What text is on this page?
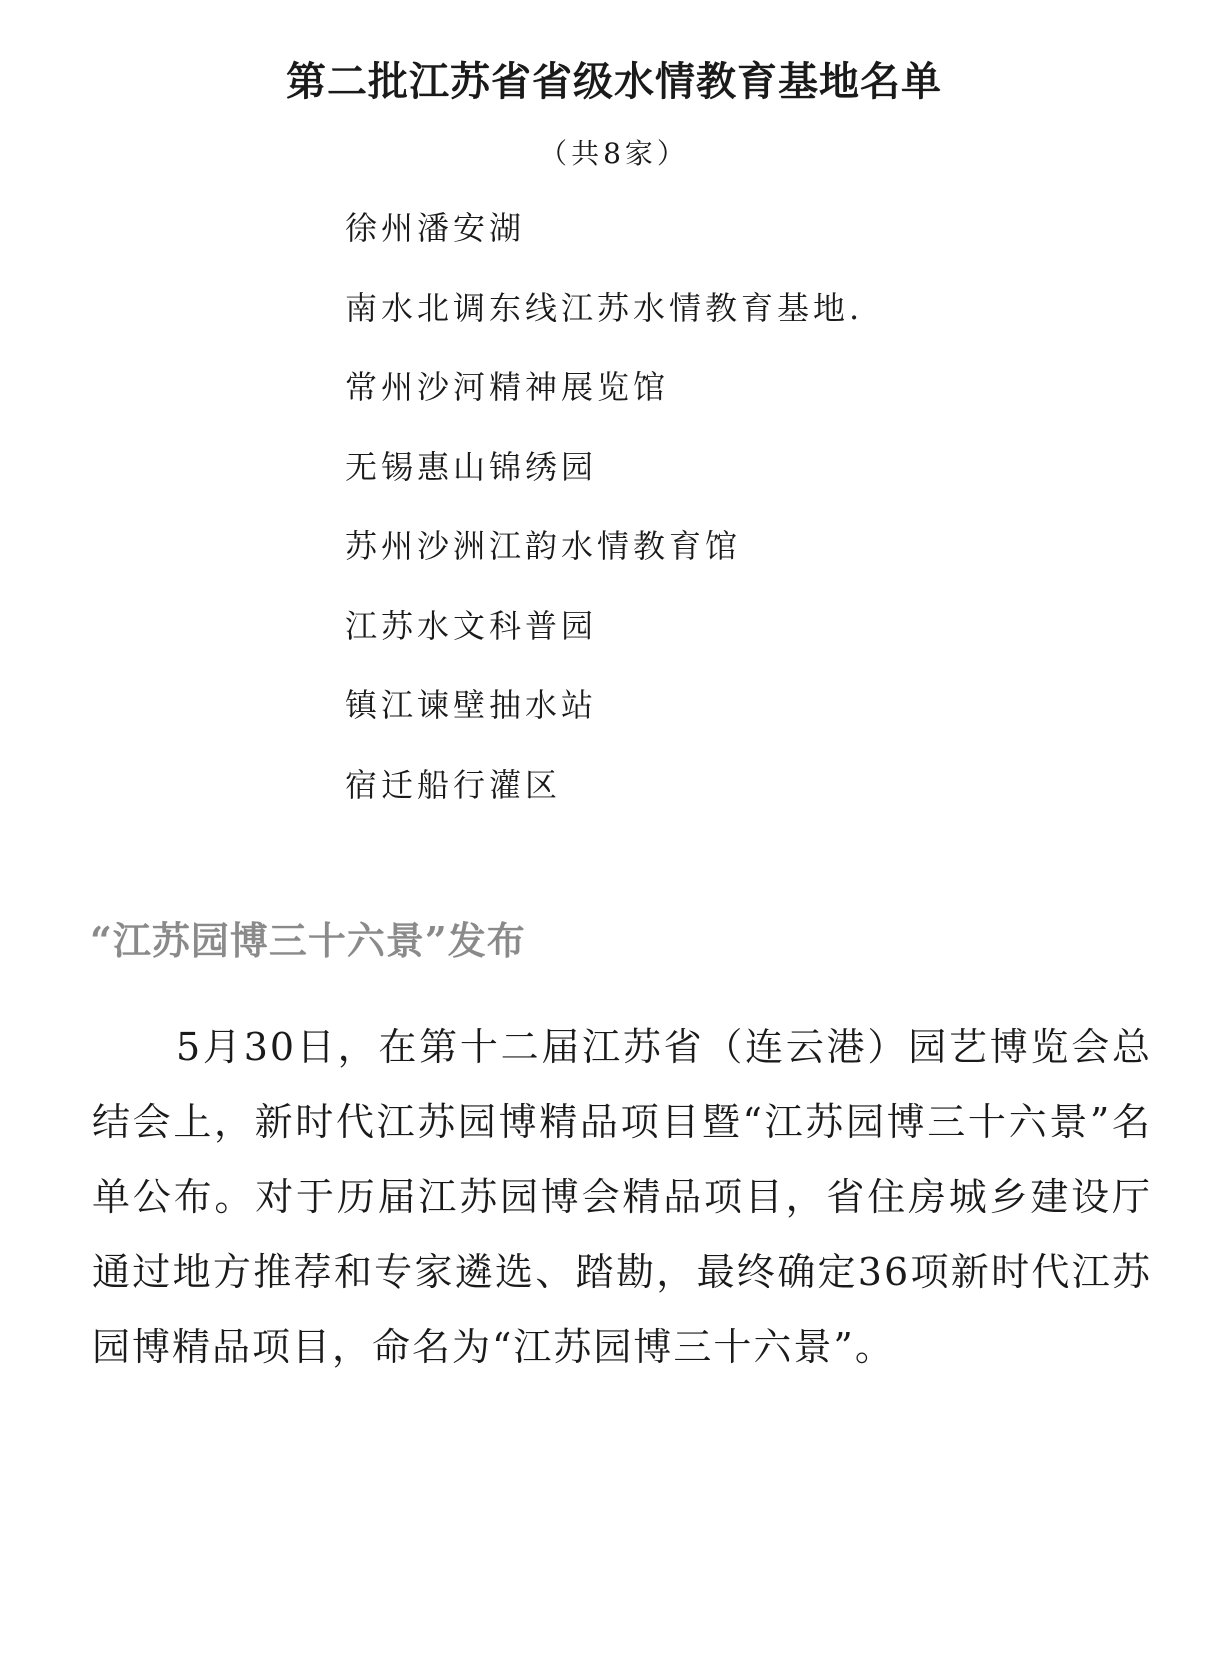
第二批江苏省省级水情教育基地名单

（共8家）

徐州潘安湖
南水北调东线江苏水情教育基地.
常州沙河精神展览馆
无锡惠山锦绣园
苏州沙洲江韵水情教育馆
江苏水文科普园
镇江谏壁抽水站
宿迁船行灌区
“江苏园博三十六景”发布

5月30日，在第十二届江苏省（连云港）园艺博览会总结会上，新时代江苏园博精品项目暨“江苏园博三十六景”名单公布。对于历届江苏园博会精品项目，省住房城乡建设厅通过地方推荐和专家遴选、踏勘，最终确定36项新时代江苏园博精品项目，命名为“江苏园博三十六景”。
